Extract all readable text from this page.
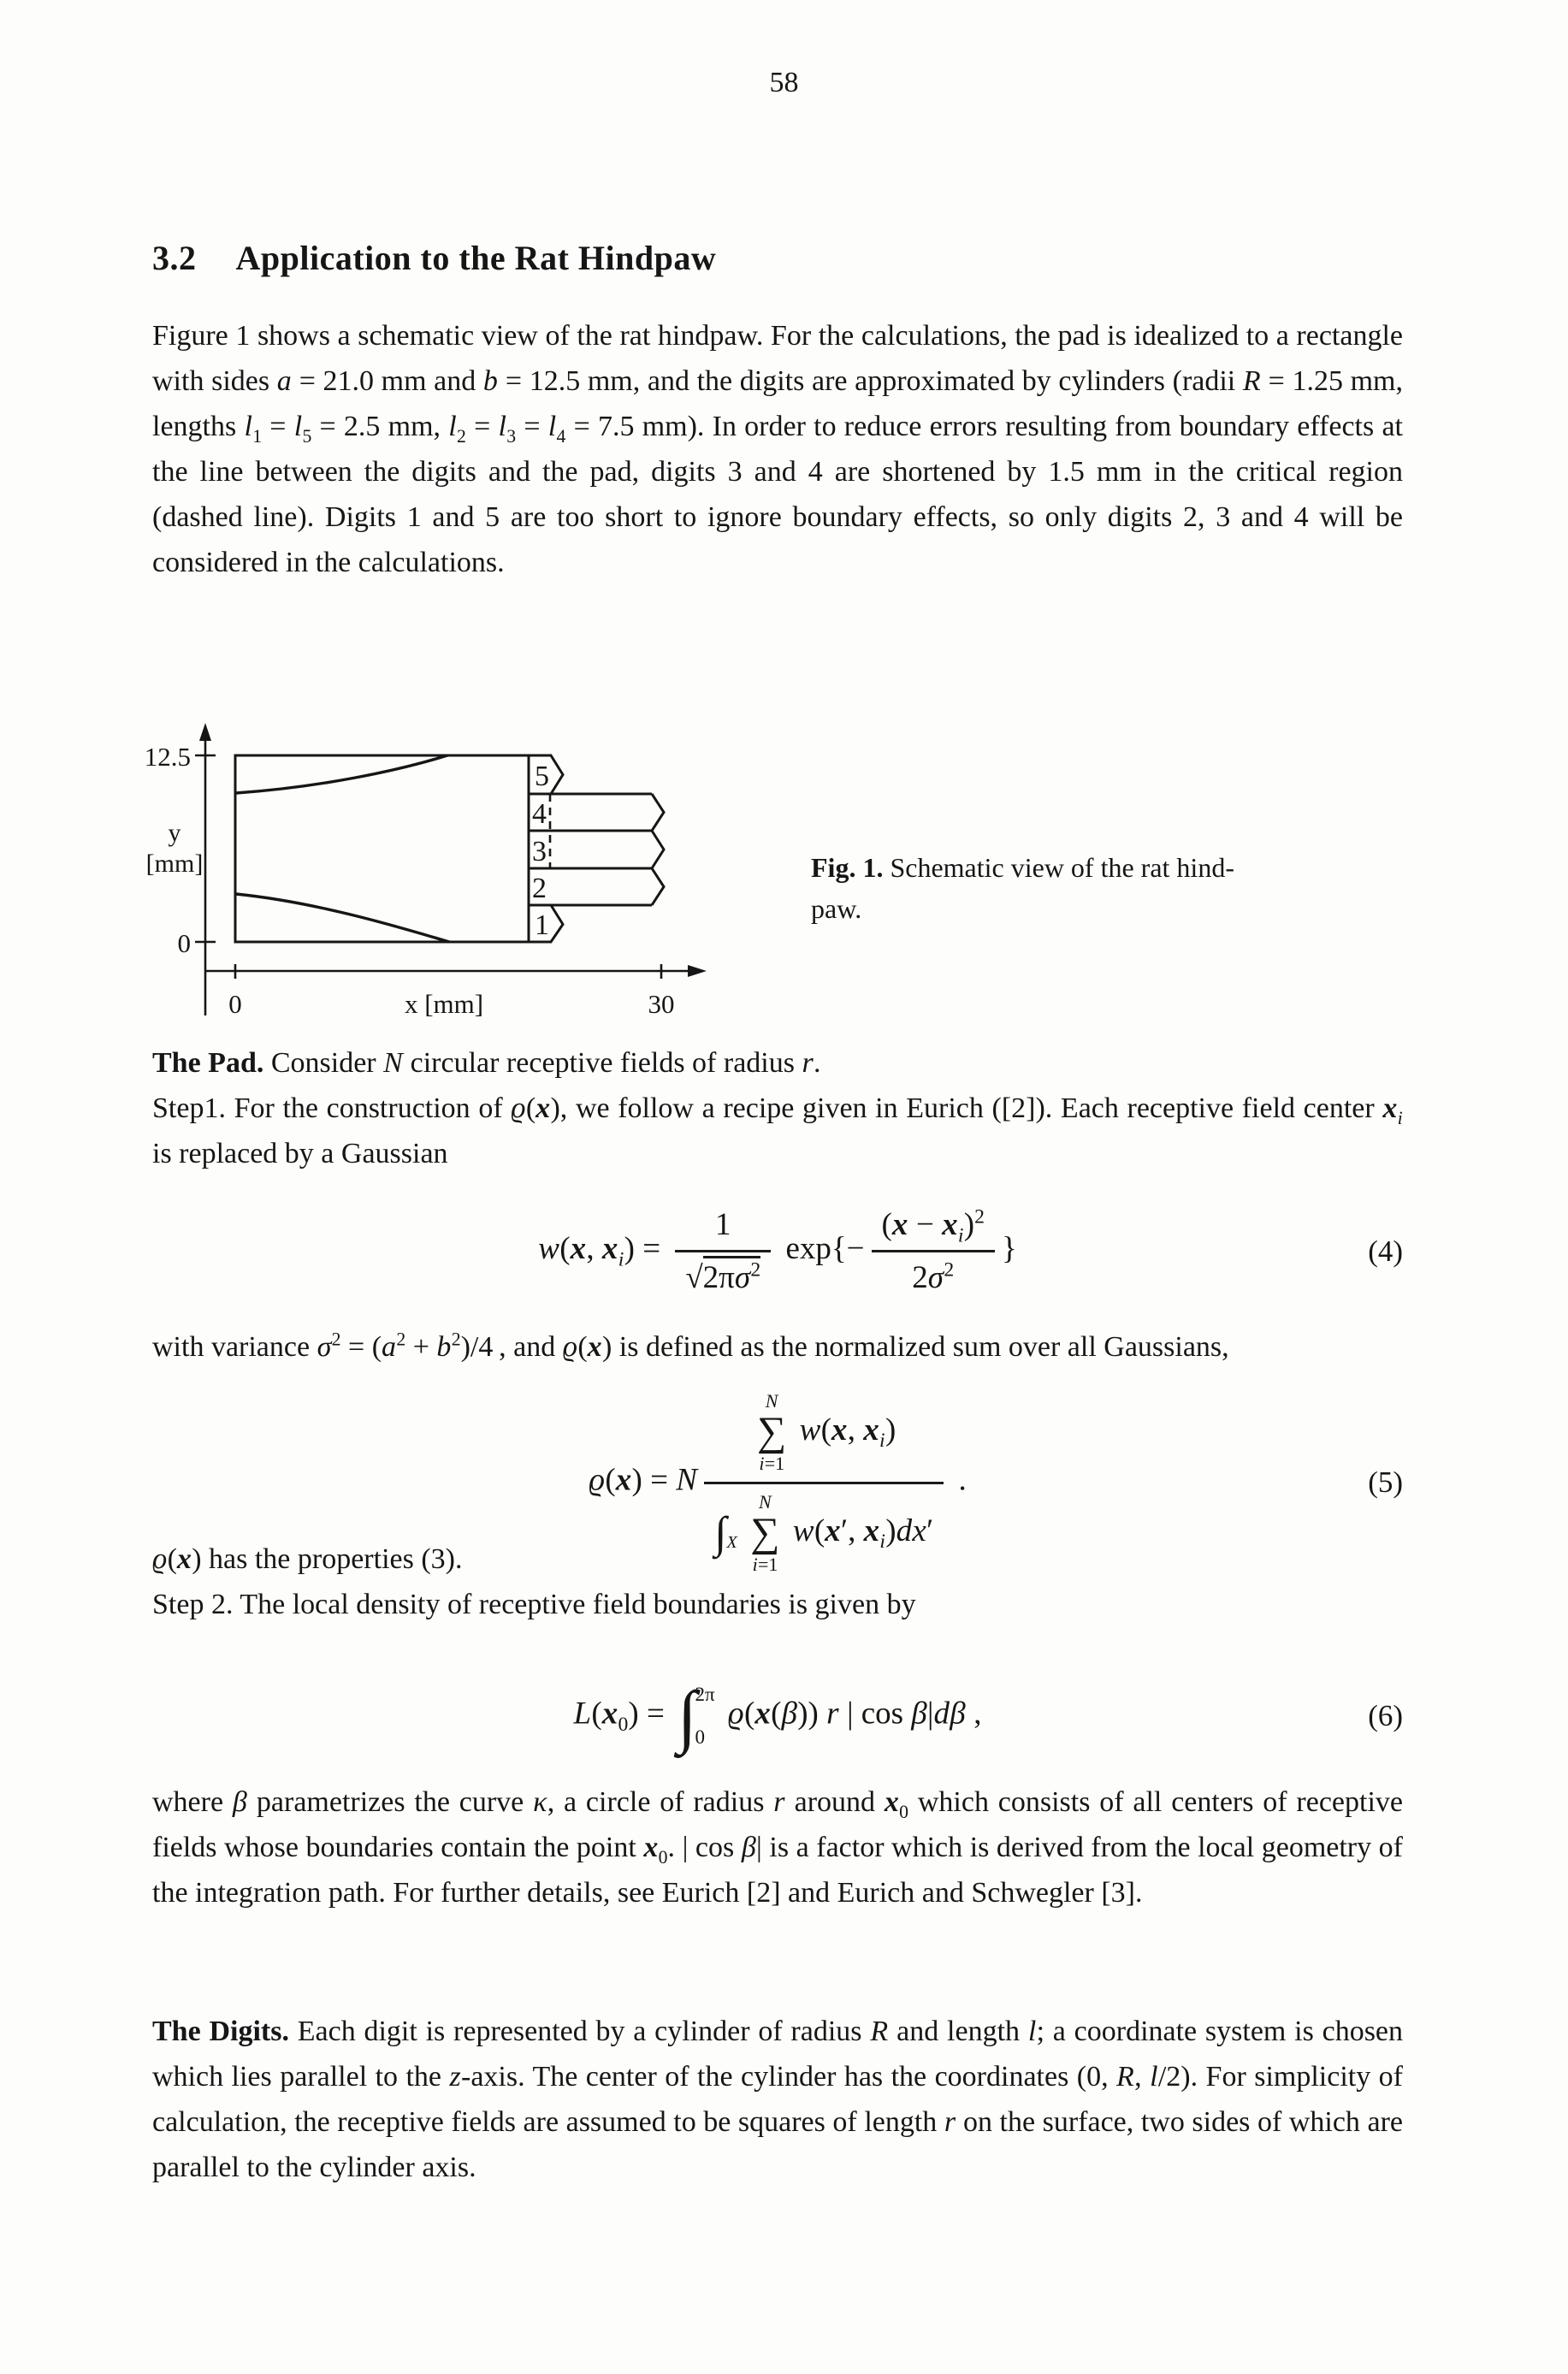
58
3.2 Application to the Rat Hindpaw
Figure 1 shows a schematic view of the rat hindpaw. For the calculations, the pad is idealized to a rectangle with sides a = 21.0 mm and b = 12.5 mm, and the digits are approximated by cylinders (radii R = 1.25 mm, lengths $l_1 = l_5 = 2.5$ mm, $l_2 = l_3 = l_4 = 7.5$ mm). In order to reduce errors resulting from boundary effects at the line between the digits and the pad, digits 3 and 4 are shortened by 1.5 mm in the critical region (dashed line). Digits 1 and 5 are too short to ignore boundary effects, so only digits 2, 3 and 4 will be considered in the calculations.
12.5
0
0	x [mm]	30
y
[mm]
5
4
3
2
1
Fig. 1. Schematic view of the rat hind-
paw.
The Pad. Consider N circular receptive fields of radius r.
Step1. For the construction of ϱ(x), we follow a recipe given in Eurich ([2]). Each receptive field center $x_i$ is replaced by a Gaussian
w(x, $x_i) = \frac{1}{√2\pi\sigma^2} \exp\{- \frac{(x - x_i)^2}{2\sigma^2}$ }	(4)
with variance $\sigma^2 = (a^2 + b^2)/4$ , and ϱ(x) is defined as the normalized sum over all Gaussians,
ϱ(x) = N N
∑
i=1
w(x, $x_i$)
$\int_X$
N
∑
i=1
w(x′, $x_i)dx'$ .	(5)
ϱ(x) has the properties (3).
Step 2. The local density of receptive field boundaries is given by
$L(x_0)$ = ∫
2π
0
ϱ(x(β)) r | cos β|dβ ,	(6)
where β parametrizes the curve κ, a circle of radius r around $x_0$ which consists of all centers of receptive fields whose boundaries contain the point $x_0$. | cos β| is a factor which is derived from the local geometry of the integration path. For further details, see Eurich [2] and Eurich and Schwegler [3].
The Digits. Each digit is represented by a cylinder of radius R and length l; a coordinate system is chosen which lies parallel to the z-axis. The center of the cylinder has the coordinates (0, R, l/2). For simplicity of calculation, the receptive fields are assumed to be squares of length r on the surface, two sides of which are parallel to the cylinder axis.
